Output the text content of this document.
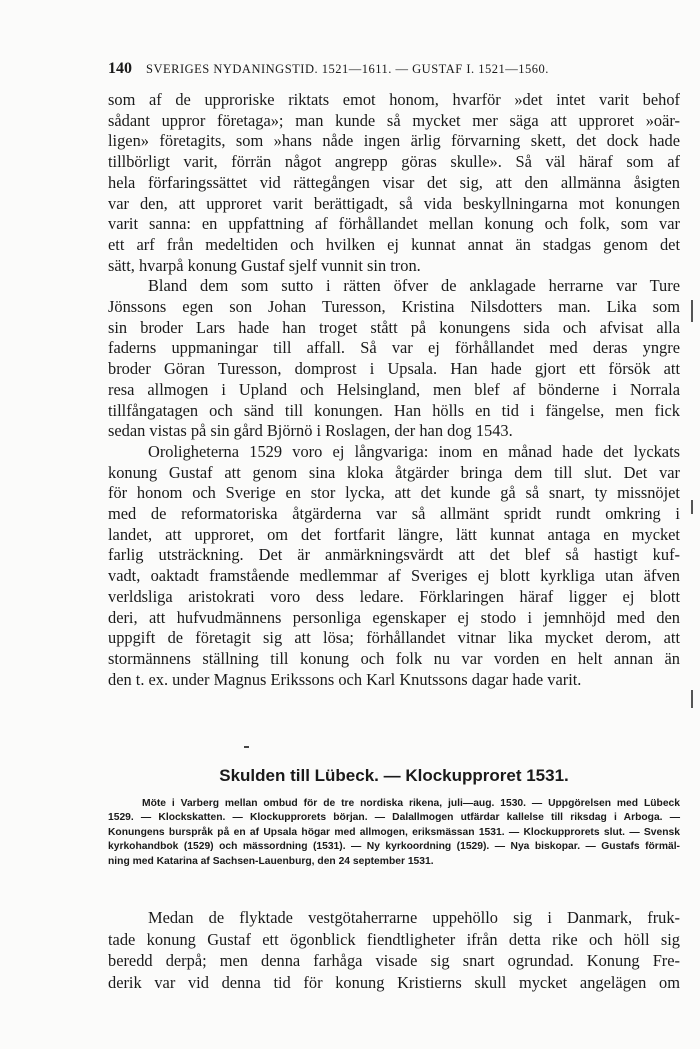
140 SVERIGES NYDANINGSTID. 1521—1611. — GUSTAF I. 1521—1560.
som af de upproriske riktats emot honom, hvarför »det intet varit behof
sådant uppror företaga»; man kunde så mycket mer säga att upproret »oär-
ligen» företagits, som »hans nåde ingen ärlig förvarning skett, det dock hade
tillbörligt varit, förrän något angrepp göras skulle». Så väl häraf som af
hela förfaringssättet vid rättegången visar det sig, att den allmänna åsigten
var den, att upproret varit berättigadt, så vida beskyllningarna mot konungen
varit sanna: en uppfattning af förhållandet mellan konung och folk, som var
ett arf från medeltiden och hvilken ej kunnat annat än stadgas genom det
sätt, hvarpå konung Gustaf sjelf vunnit sin tron.
Bland dem som sutto i rätten öfver de anklagade herrarne var Ture
Jönssons egen son Johan Turesson, Kristina Nilsdotters man. Lika som
sin broder Lars hade han troget stått på konungens sida och afvisat alla
faderns uppmaningar till affall. Så var ej förhållandet med deras yngre
broder Göran Turesson, domprost i Upsala. Han hade gjort ett försök att
resa allmogen i Upland och Helsingland, men blef af bönderne i Norrala
tillfångatagen och sänd till konungen. Han hölls en tid i fängelse, men fick
sedan vistas på sin gård Björnö i Roslagen, der han dog 1543.
Oroligheterna 1529 voro ej långvariga: inom en månad hade det lyckats
konung Gustaf att genom sina kloka åtgärder bringa dem till slut. Det var
för honom och Sverige en stor lycka, att det kunde gå så snart, ty missnöjet
med de reformatoriska åtgärderna var så allmänt spridt rundt omkring i
landet, att upproret, om det fortfarit längre, lätt kunnat antaga en mycket
farlig utsträckning. Det är anmärkningsvärdt att det blef så hastigt kuf-
vadt, oaktadt framstående medlemmar af Sveriges ej blott kyrkliga utan äfven
verldsliga aristokrati voro dess ledare. Förklaringen häraf ligger ej blott
deri, att hufvudmännens personliga egenskaper ej stodo i jemnhöjd med den
uppgift de företagit sig att lösa; förhållandet vitnar lika mycket derom, att
stormännens ställning till konung och folk nu var vorden en helt annan än
den t. ex. under Magnus Erikssons och Karl Knutssons dagar hade varit.
Skulden till Lübeck. — Klockupproret 1531.
Möte i Varberg mellan ombud för de tre nordiska rikena, juli—aug. 1530. — Uppgörelsen med Lübeck
1529. — Klockskatten. — Klockupprorets början. — Dalallmogen utfärdar kallelse till riksdag i Arboga. —
Konungens burspråk på en af Upsala högar med allmogen, eriksmässan 1531. — Klockupprorets slut. — Svensk
kyrkohandbok (1529) och mässordning (1531). — Ny kyrkoordning (1529). — Nya biskopar. — Gustafs förmäl-
ning med Katarina af Sachsen-Lauenburg, den 24 september 1531.
Medan de flyktade vestgötaherrarne uppehöllo sig i Danmark, fruk-
tade konung Gustaf ett ögonblick fiendtligheter ifrån detta rike och höll sig
beredd derpå; men denna farhåga visade sig snart ogrundad. Konung Fre-
derik var vid denna tid för konung Kristierns skull mycket angelägen om
